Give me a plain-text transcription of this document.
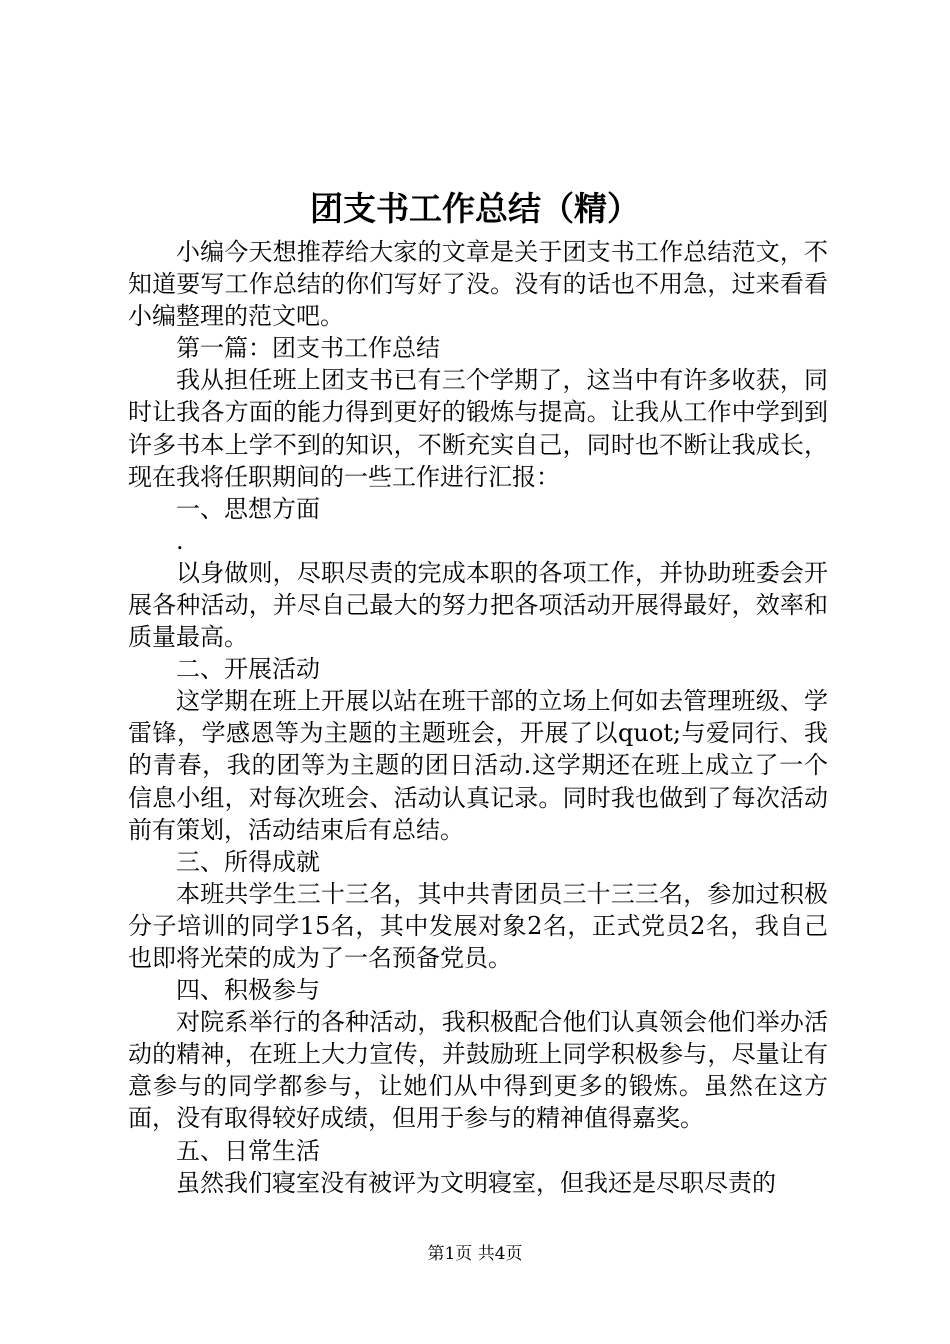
团支书工作总结（精）

小编今天想推荐给大家的文章是关于团支书工作总结范文，不知道要写工作总结的你们写好了没。没有的话也不用急，过来看看小编整理的范文吧。

第一篇：团支书工作总结

我从担任班上团支书已有三个学期了，这当中有许多收获，同时让我各方面的能力得到更好的锻炼与提高。让我从工作中学到到许多书本上学不到的知识，不断充实自己，同时也不断让我成长，现在我将任职期间的一些工作进行汇报：

一、思想方面

.

以身做则，尽职尽责的完成本职的各项工作，并协助班委会开展各种活动，并尽自己最大的努力把各项活动开展得最好，效率和质量最高。

二、开展活动

这学期在班上开展以站在班干部的立场上何如去管理班级、学雷锋，学感恩等为主题的主题班会，开展了以quot;与爱同行、我的青春，我的团等为主题的团日活动.这学期还在班上成立了一个信息小组，对每次班会、活动认真记录。同时我也做到了每次活动前有策划，活动结束后有总结。

三、所得成就

本班共学生三十三名，其中共青团员三十三三名，参加过积极分子培训的同学15名，其中发展对象2名，正式党员2名，我自己也即将光荣的成为了一名预备党员。

四、积极参与

对院系举行的各种活动，我积极配合他们认真领会他们举办活动的精神，在班上大力宣传，并鼓励班上同学积极参与，尽量让有意参与的同学都参与，让她们从中得到更多的锻炼。虽然在这方面，没有取得较好成绩，但用于参与的精神值得嘉奖。

五、日常生活

虽然我们寝室没有被评为文明寝室，但我还是尽职尽责的

第1页 共4页
